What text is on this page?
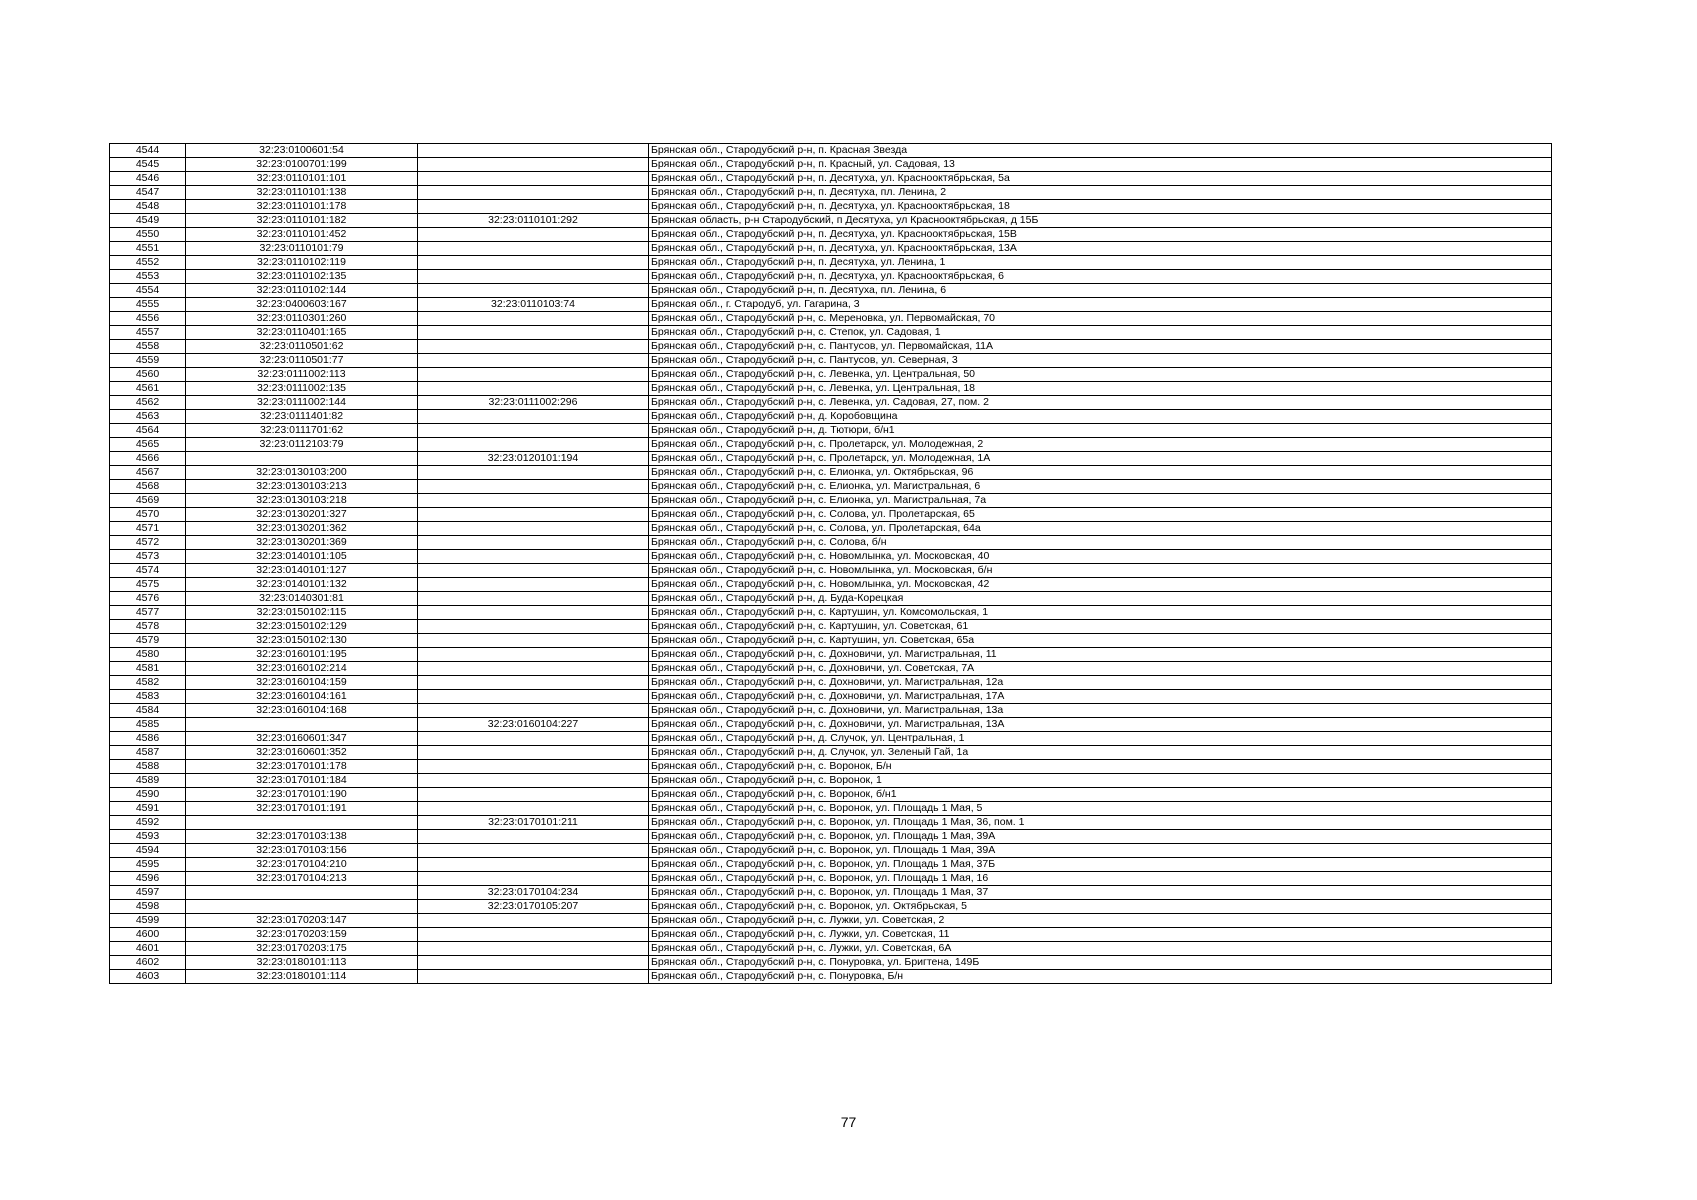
4544	32:23:0100601:54		Брянская обл., Стародубский р-н, п. Красная Звезда
4545	32:23:0100701:199		Брянская обл., Стародубский р-н, п. Красный, ул. Садовая, 13
4546	32:23:0110101:101		Брянская обл., Стародубский р-н, п. Десятуха, ул. Краснооктябрьская, 5а
4547	32:23:0110101:138		Брянская обл., Стародубский р-н, п. Десятуха, пл. Ленина, 2
4548	32:23:0110101:178		Брянская обл., Стародубский р-н, п. Десятуха, ул. Краснооктябрьская, 18
4549	32:23:0110101:182	32:23:0110101:292	Брянская область, р-н Стародубский, п Десятуха, ул Краснооктябрьская, д 15Б
4550	32:23:0110101:452		Брянская обл., Стародубский р-н, п. Десятуха, ул. Краснооктябрьская, 15В
4551	32:23:0110101:79		Брянская обл., Стародубский р-н, п. Десятуха, ул. Краснооктябрьская, 13А
4552	32:23:0110102:119		Брянская обл., Стародубский р-н, п. Десятуха, ул. Ленина, 1
4553	32:23:0110102:135		Брянская обл., Стародубский р-н, п. Десятуха, ул. Краснооктябрьская, 6
4554	32:23:0110102:144		Брянская обл., Стародубский р-н, п. Десятуха, пл. Ленина, 6
4555	32:23:0400603:167	32:23:0110103:74	Брянская обл., г. Стародуб, ул. Гагарина, 3
4556	32:23:0110301:260		Брянская обл., Стародубский р-н, с. Мереновка, ул. Первомайская, 70
4557	32:23:0110401:165		Брянская обл., Стародубский р-н, с. Степок, ул. Садовая, 1
4558	32:23:0110501:62		Брянская обл., Стародубский р-н, с. Пантусов, ул. Первомайская, 11А
4559	32:23:0110501:77		Брянская обл., Стародубский р-н, с. Пантусов, ул. Северная, 3
4560	32:23:0111002:113		Брянская обл., Стародубский р-н, с. Левенка, ул. Центральная, 50
4561	32:23:0111002:135		Брянская обл., Стародубский р-н, с. Левенка, ул. Центральная, 18
4562	32:23:0111002:144	32:23:0111002:296	Брянская обл., Стародубский р-н, с. Левенка, ул. Садовая, 27, пом. 2
4563	32:23:0111401:82		Брянская обл., Стародубский р-н, д. Коробовщина
4564	32:23:0111701:62		Брянская обл., Стародубский р-н, д. Тютюри, б/н1
4565	32:23:0112103:79		Брянская обл., Стародубский р-н, с. Пролетарск, ул. Молодежная, 2
4566		32:23:0120101:194	Брянская обл., Стародубский р-н, с. Пролетарск, ул. Молодежная, 1А
4567	32:23:0130103:200		Брянская обл., Стародубский р-н, с. Елионка, ул. Октябрьская, 96
4568	32:23:0130103:213		Брянская обл., Стародубский р-н, с. Елионка, ул. Магистральная, 6
4569	32:23:0130103:218		Брянская обл., Стародубский р-н, с. Елионка, ул. Магистральная, 7а
4570	32:23:0130201:327		Брянская обл., Стародубский р-н, с. Солова, ул. Пролетарская, 65
4571	32:23:0130201:362		Брянская обл., Стародубский р-н, с. Солова, ул. Пролетарская, 64а
4572	32:23:0130201:369		Брянская обл., Стародубский р-н, с. Солова, б/н
4573	32:23:0140101:105		Брянская обл., Стародубский р-н, с. Новомлынка, ул. Московская, 40
4574	32:23:0140101:127		Брянская обл., Стародубский р-н, с. Новомлынка, ул. Московская, б/н
4575	32:23:0140101:132		Брянская обл., Стародубский р-н, с. Новомлынка, ул. Московская, 42
4576	32:23:0140301:81		Брянская обл., Стародубский р-н, д. Буда-Корецкая
4577	32:23:0150102:115		Брянская обл., Стародубский р-н, с. Картушин, ул. Комсомольская, 1
4578	32:23:0150102:129		Брянская обл., Стародубский р-н, с. Картушин, ул. Советская, 61
4579	32:23:0150102:130		Брянская обл., Стародубский р-н, с. Картушин, ул. Советская, 65а
4580	32:23:0160101:195		Брянская обл., Стародубский р-н, с. Дохновичи, ул. Магистральная, 11
4581	32:23:0160102:214		Брянская обл., Стародубский р-н, с. Дохновичи, ул. Советская, 7А
4582	32:23:0160104:159		Брянская обл., Стародубский р-н, с. Дохновичи, ул. Магистральная, 12а
4583	32:23:0160104:161		Брянская обл., Стародубский р-н, с. Дохновичи, ул. Магистральная, 17А
4584	32:23:0160104:168		Брянская обл., Стародубский р-н, с. Дохновичи, ул. Магистральная, 13а
4585		32:23:0160104:227	Брянская обл., Стародубский р-н, с. Дохновичи, ул. Магистральная, 13А
4586	32:23:0160601:347		Брянская обл., Стародубский р-н, д. Случок, ул. Центральная, 1
4587	32:23:0160601:352		Брянская обл., Стародубский р-н, д. Случок, ул. Зеленый Гай, 1а
4588	32:23:0170101:178		Брянская обл., Стародубский р-н, с. Воронок, Б/н
4589	32:23:0170101:184		Брянская обл., Стародубский р-н, с. Воронок, 1
4590	32:23:0170101:190		Брянская обл., Стародубский р-н, с. Воронок, б/н1
4591	32:23:0170101:191		Брянская обл., Стародубский р-н, с. Воронок, ул. Площадь 1 Мая, 5
4592		32:23:0170101:211	Брянская обл., Стародубский р-н, с. Воронок, ул. Площадь 1 Мая, 36, пом. 1
4593	32:23:0170103:138		Брянская обл., Стародубский р-н, с. Воронок, ул. Площадь 1 Мая, 39А
4594	32:23:0170103:156		Брянская обл., Стародубский р-н, с. Воронок, ул. Площадь 1 Мая, 39А
4595	32:23:0170104:210		Брянская обл., Стародубский р-н, с. Воронок, ул. Площадь 1 Мая, 37Б
4596	32:23:0170104:213		Брянская обл., Стародубский р-н, с. Воронок, ул. Площадь 1 Мая, 16
4597		32:23:0170104:234	Брянская обл., Стародубский р-н, с. Воронок, ул. Площадь 1 Мая, 37
4598		32:23:0170105:207	Брянская обл., Стародубский р-н, с. Воронок, ул. Октябрьская, 5
4599	32:23:0170203:147		Брянская обл., Стародубский р-н, с. Лужки, ул. Советская, 2
4600	32:23:0170203:159		Брянская обл., Стародубский р-н, с. Лужки, ул. Советская, 11
4601	32:23:0170203:175		Брянская обл., Стародубский р-н, с. Лужки, ул. Советская, 6А
4602	32:23:0180101:113		Брянская обл., Стародубский р-н, с. Понуровка, ул. Бригтена, 149Б
4603	32:23:0180101:114		Брянская обл., Стародубский р-н, с. Понуровка, Б/н
77
